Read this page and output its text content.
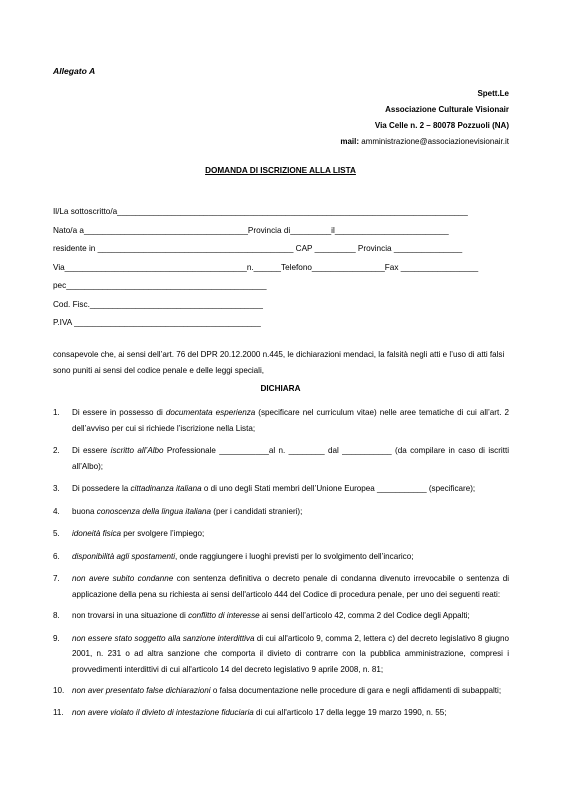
Allegato A
Spett.Le
Associazione Culturale Visionair
Via Celle n. 2 – 80078 Pozzuoli (NA)
mail: amministrazione@associazionevisionair.it
DOMANDA DI ISCRIZIONE ALLA LISTA
Il/La sottoscritto/a_____________________________________________________________________________
Nato/a a____________________________________Provincia di_________il_________________________
residente in ___________________________________________ CAP _________ Provincia _______________
Via________________________________________n.______Telefono________________Fax _________________
pec____________________________________________
Cod. Fisc.______________________________________
P.IVA _________________________________________
consapevole che, ai sensi dell’art. 76 del DPR 20.12.2000 n.445, le dichiarazioni mendaci, la falsità negli atti e l’uso di atti falsi sono puniti ai sensi del codice penale e delle leggi speciali,
DICHIARA
1. Di essere in possesso di documentata esperienza (specificare nel curriculum vitae) nelle aree tematiche di cui all’art. 2 dell’avviso per cui si richiede l’iscrizione nella Lista;
2. Di essere iscritto all’Albo Professionale ___________al n. ________ dal ___________ (da compilare in caso di iscritti all’Albo);
3. Di possedere la cittadinanza italiana o di uno degli Stati membri dell’Unione Europea ___________ (specificare);
4. buona conoscenza della lingua italiana (per i candidati stranieri);
5. idoneità fisica per svolgere l’impiego;
6. disponibilità agli spostamenti, onde raggiungere i luoghi previsti per lo svolgimento dell’incarico;
7. non avere subito condanne con sentenza definitiva o decreto penale di condanna divenuto irrevocabile o sentenza di applicazione della pena su richiesta ai sensi dell'articolo 444 del Codice di procedura penale, per uno dei seguenti reati:
8. non trovarsi in una situazione di conflitto di interesse ai sensi dell’articolo 42, comma 2 del Codice degli Appalti;
9. non essere stato soggetto alla sanzione interdittiva di cui all'articolo 9, comma 2, lettera c) del decreto legislativo 8 giugno 2001, n. 231 o ad altra sanzione che comporta il divieto di contrarre con la pubblica amministrazione, compresi i provvedimenti interdittivi di cui all'articolo 14 del decreto legislativo 9 aprile 2008, n. 81;
10. non aver presentato false dichiarazioni o falsa documentazione nelle procedure di gara e negli affidamenti di subappalti;
11. non avere violato il divieto di intestazione fiduciaria di cui all'articolo 17 della legge 19 marzo 1990, n. 55;
